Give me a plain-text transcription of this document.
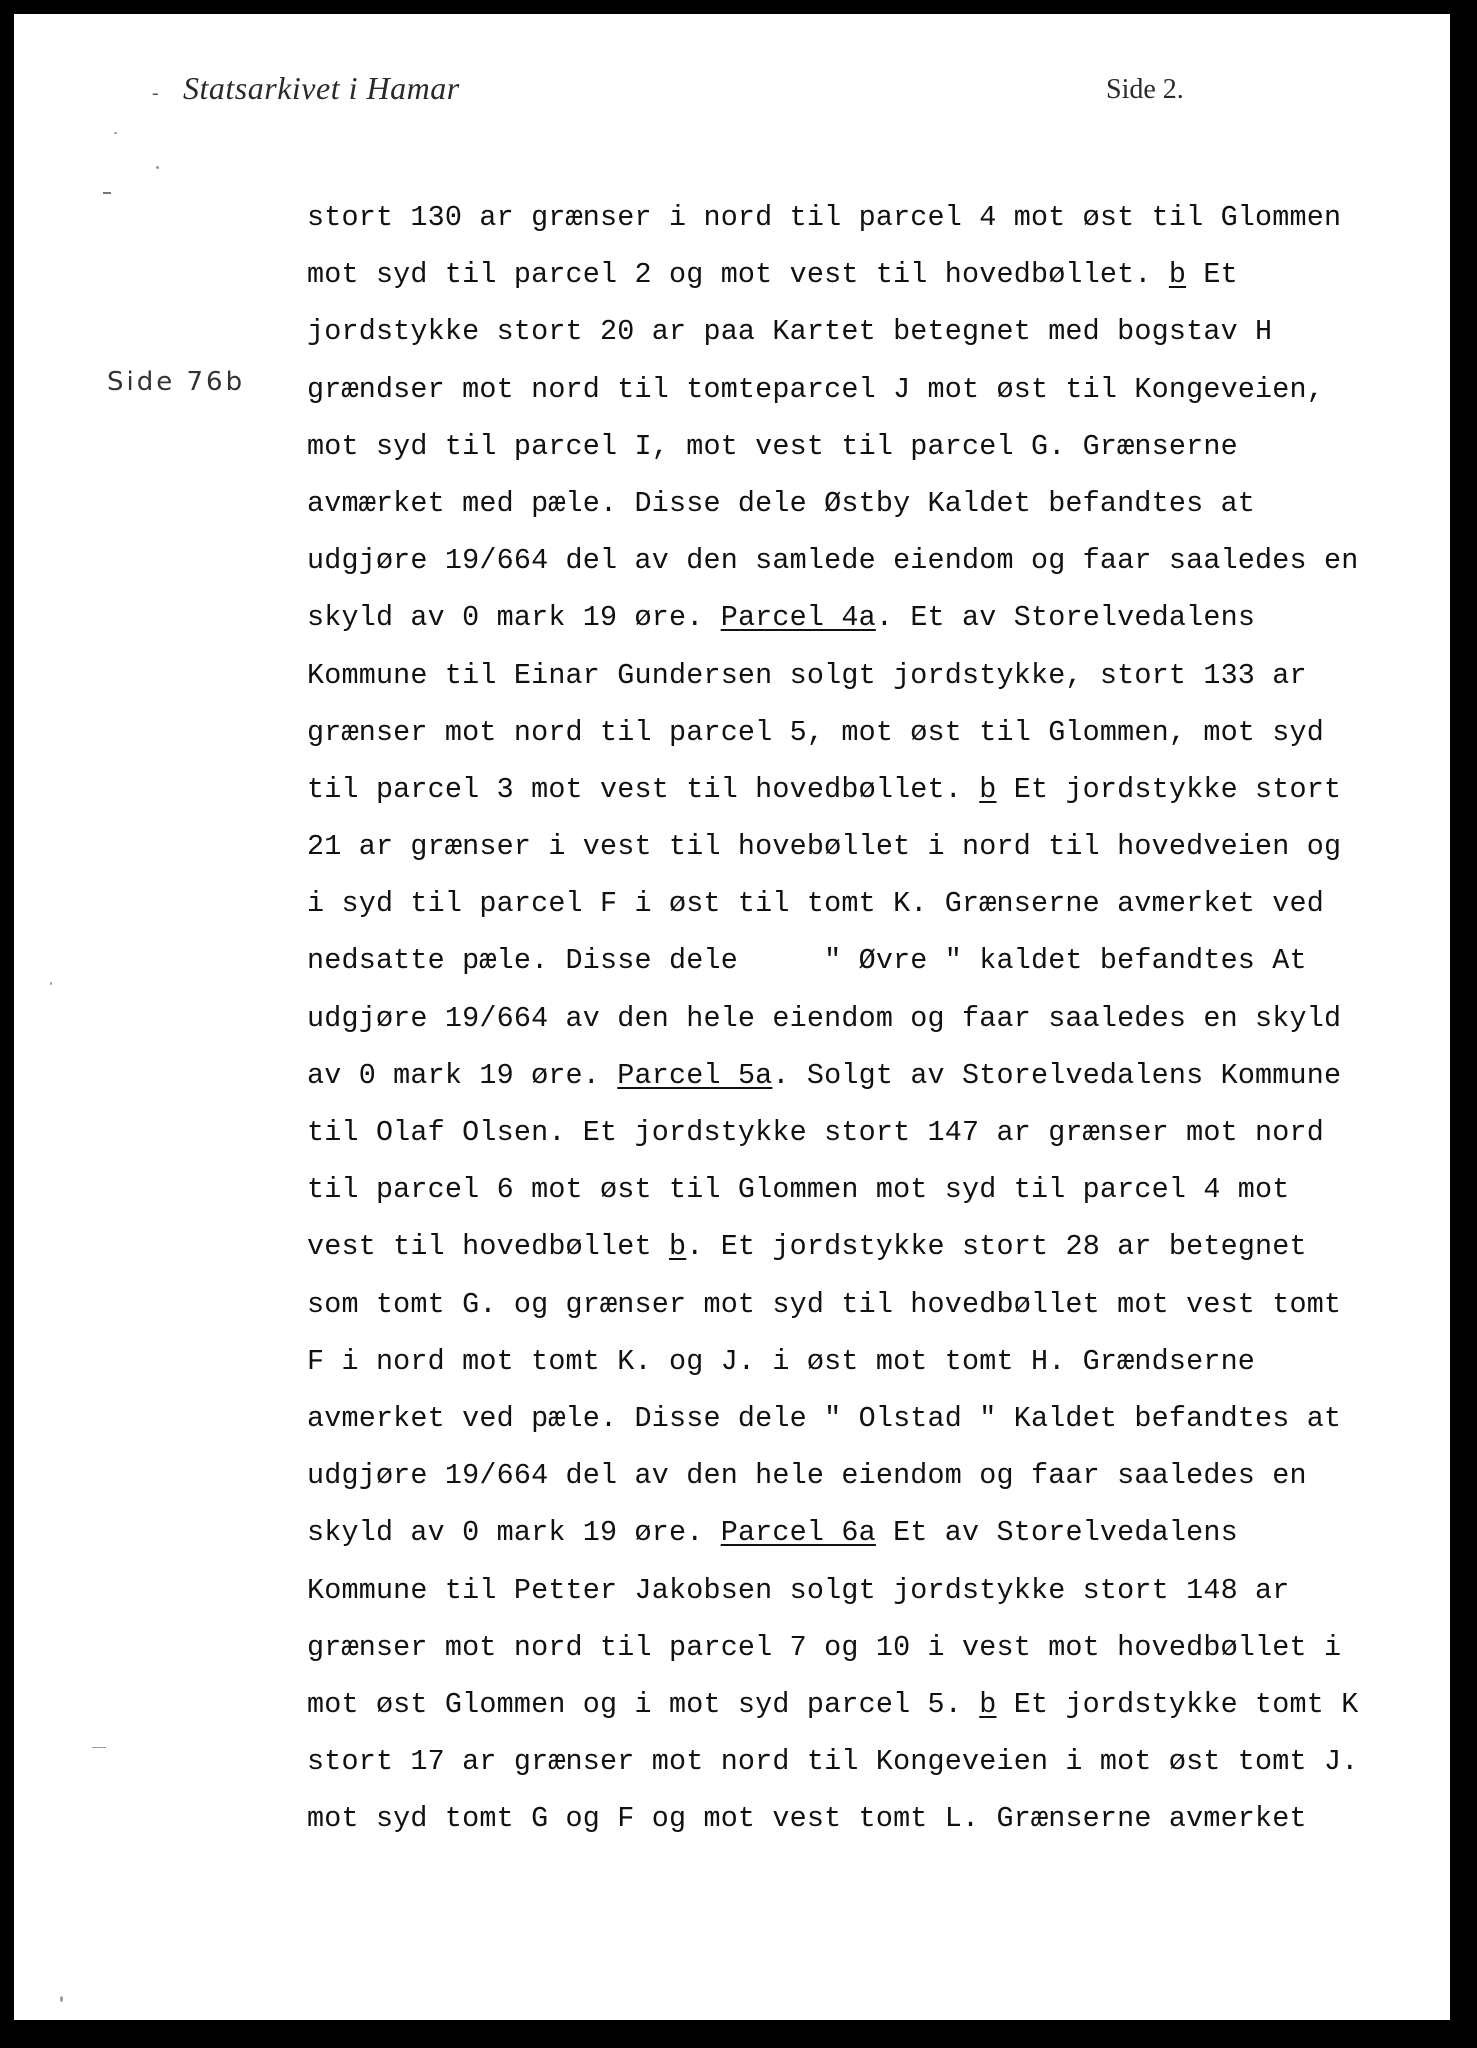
- Statsarkivet i Hamar	Side 2.
Side 76b
stort 130 ar grænser i nord til parcel 4 mot øst til Glommen
mot syd til parcel 2 og mot vest til hovedbøllet. b Et
jordstykke stort 20 ar paa Kartet betegnet med bogstav H
grændser mot nord til tomteparcel J mot øst til Kongeveien,
mot syd til parcel I, mot vest til parcel G. Grænserne
avmærket med pæle. Disse dele Østby Kaldet befandtes at
udgjøre 19/664 del av den samlede eiendom og faar saaledes en
skyld av 0 mark 19 øre. Parcel 4a. Et av Storelvedalens
Kommune til Einar Gundersen solgt jordstykke, stort 133 ar
grænser mot nord til parcel 5, mot øst til Glommen, mot syd
til parcel 3 mot vest til hovedbøllet. b Et jordstykke stort
21 ar grænser i vest til hovebøllet i nord til hovedveien og
i syd til parcel F i øst til tomt K. Grænserne avmerket ved
nedsatte pæle. Disse dele     " Øvre " kaldet befandtes At
udgjøre 19/664 av den hele eiendom og faar saaledes en skyld
av 0 mark 19 øre. Parcel 5a. Solgt av Storelvedalens Kommune
til Olaf Olsen. Et jordstykke stort 147 ar grænser mot nord
til parcel 6 mot øst til Glommen mot syd til parcel 4 mot
vest til hovedbøllet b. Et jordstykke stort 28 ar betegnet
som tomt G. og grænser mot syd til hovedbøllet mot vest tomt
F i nord mot tomt K. og J. i øst mot tomt H. Grændserne
avmerket ved pæle. Disse dele " Olstad " Kaldet befandtes at
udgjøre 19/664 del av den hele eiendom og faar saaledes en
skyld av 0 mark 19 øre. Parcel 6a Et av Storelvedalens
Kommune til Petter Jakobsen solgt jordstykke stort 148 ar
grænser mot nord til parcel 7 og 10 i vest mot hovedbøllet i
mot øst Glommen og i mot syd parcel 5. b Et jordstykke tomt K
stort 17 ar grænser mot nord til Kongeveien i mot øst tomt J.
mot syd tomt G og F og mot vest tomt L. Grænserne avmerket
